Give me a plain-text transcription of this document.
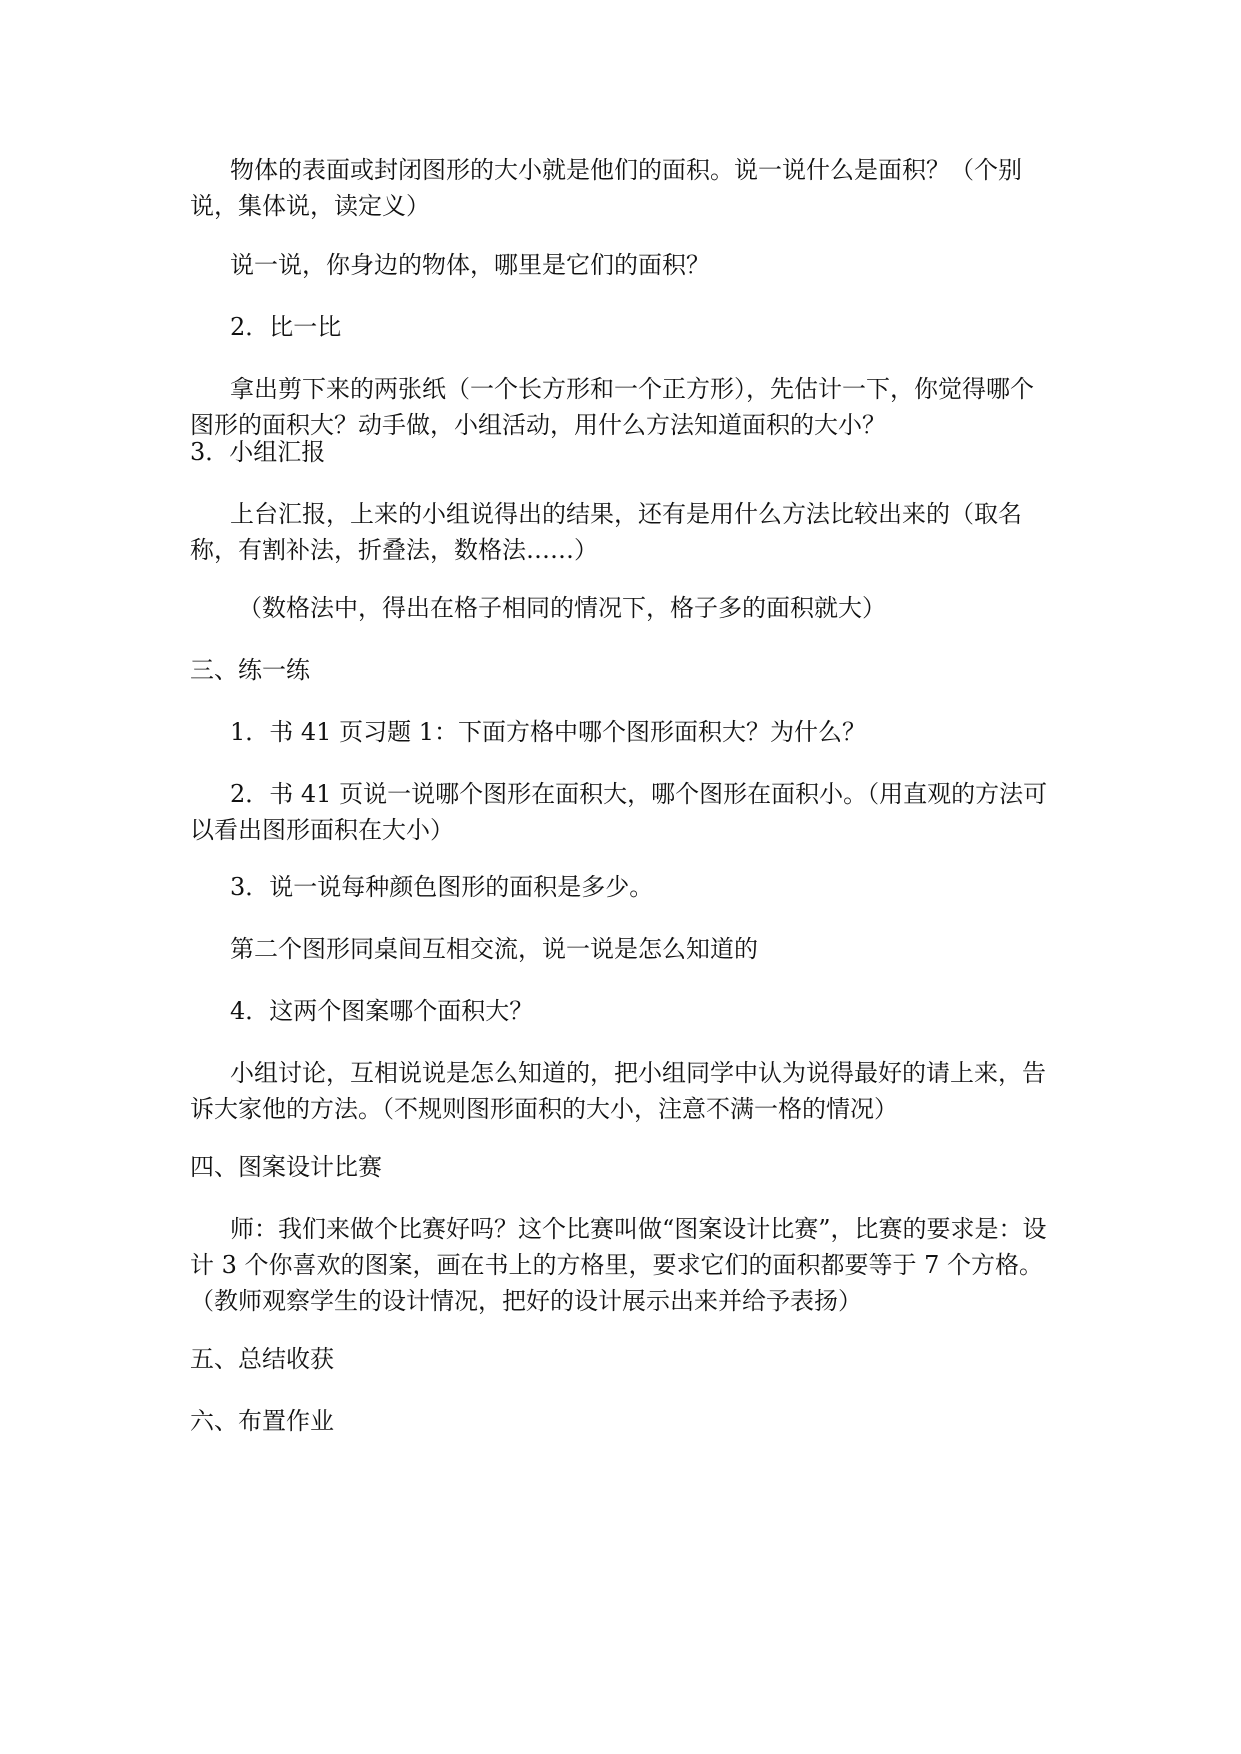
物体的表面或封闭图形的大小就是他们的面积。说一说什么是面积？（个别说，集体说，读定义）
说一说，你身边的物体，哪里是它们的面积？
2．比一比
拿出剪下来的两张纸（一个长方形和一个正方形），先估计一下，你觉得哪个图形的面积大？动手做，小组活动，用什么方法知道面积的大小？
3．小组汇报
上台汇报，上来的小组说得出的结果，还有是用什么方法比较出来的（取名称，有割补法，折叠法，数格法……）
（数格法中，得出在格子相同的情况下，格子多的面积就大）
三、练一练
1．书 41 页习题 1：下面方格中哪个图形面积大？为什么？
2．书 41 页说一说哪个图形在面积大，哪个图形在面积小。（用直观的方法可以看出图形面积在大小）
3．说一说每种颜色图形的面积是多少。
第二个图形同桌间互相交流，说一说是怎么知道的
4．这两个图案哪个面积大？
小组讨论，互相说说是怎么知道的，把小组同学中认为说得最好的请上来，告诉大家他的方法。（不规则图形面积的大小，注意不满一格的情况）
四、图案设计比赛
师：我们来做个比赛好吗？这个比赛叫做“图案设计比赛”，比赛的要求是：设计 3 个你喜欢的图案，画在书上的方格里，要求它们的面积都要等于 7 个方格。（教师观察学生的设计情况，把好的设计展示出来并给予表扬）
五、总结收获
六、布置作业
